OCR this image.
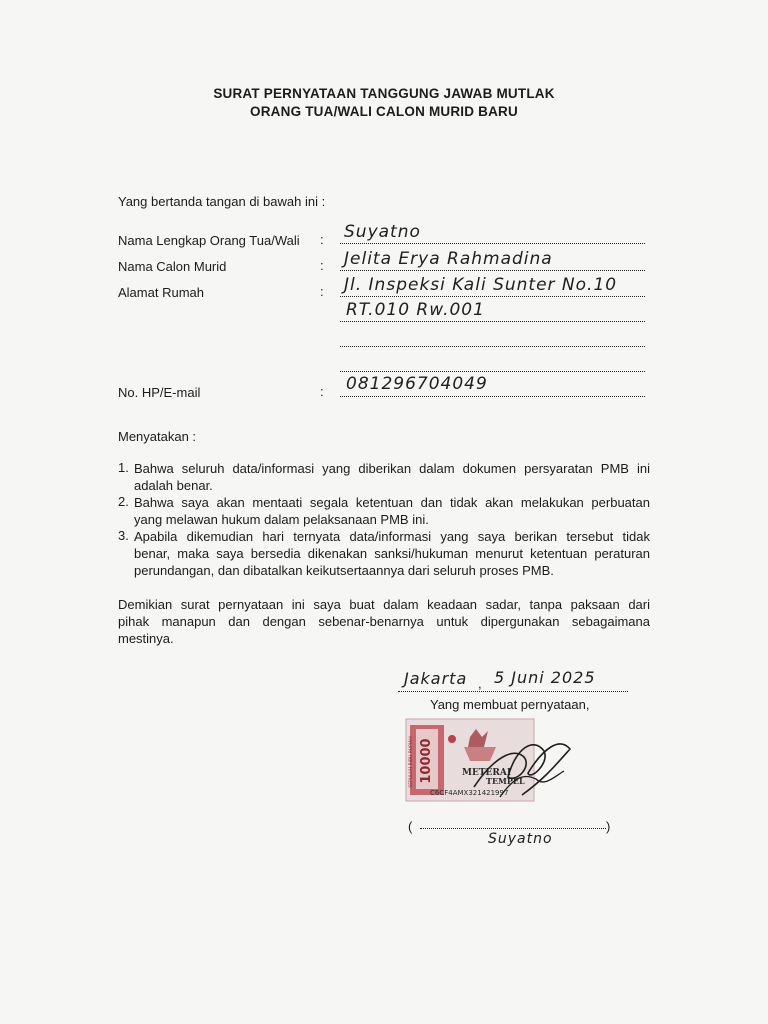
SURAT PERNYATAAN TANGGUNG JAWAB MUTLAK
ORANG TUA/WALI CALON MURID BARU
Yang bertanda tangan di bawah ini :
Nama Lengkap Orang Tua/Wali : Suyatno
Nama Calon Murid	: Jelita Erya Rahmadina
Alamat Rumah	: Jl. Inspeksi Kali Sunter No.10
RT.010 Rw.001
No. HP/E-mail	: 081296704049
Menyatakan :
1. Bahwa seluruh data/informasi yang diberikan dalam dokumen persyaratan PMB ini
adalah benar.
2. Bahwa saya akan mentaati segala ketentuan dan tidak akan melakukan perbuatan
yang melawan hukum dalam pelaksanaan PMB ini.
3. Apabila dikemudian hari ternyata data/informasi yang saya berikan tersebut tidak
benar, maka saya bersedia dikenakan sanksi/hukuman menurut ketentuan peraturan
perundangan, dan dibatalkan keikutsertaannya dari seluruh proses PMB.
Demikian surat pernyataan ini saya buat dalam keadaan sadar, tanpa paksaan dari
pihak manapun dan dengan sebenar-benarnya untuk dipergunakan sebagaimana
mestinya.
Jakarta , 5 Juni 2025
Yang membuat pernyataan,
10000
SEPULUH RIBU RUPIAH	METERAI
TEMPEL
C6CF4AMX321421997
(	)
Suyatno
